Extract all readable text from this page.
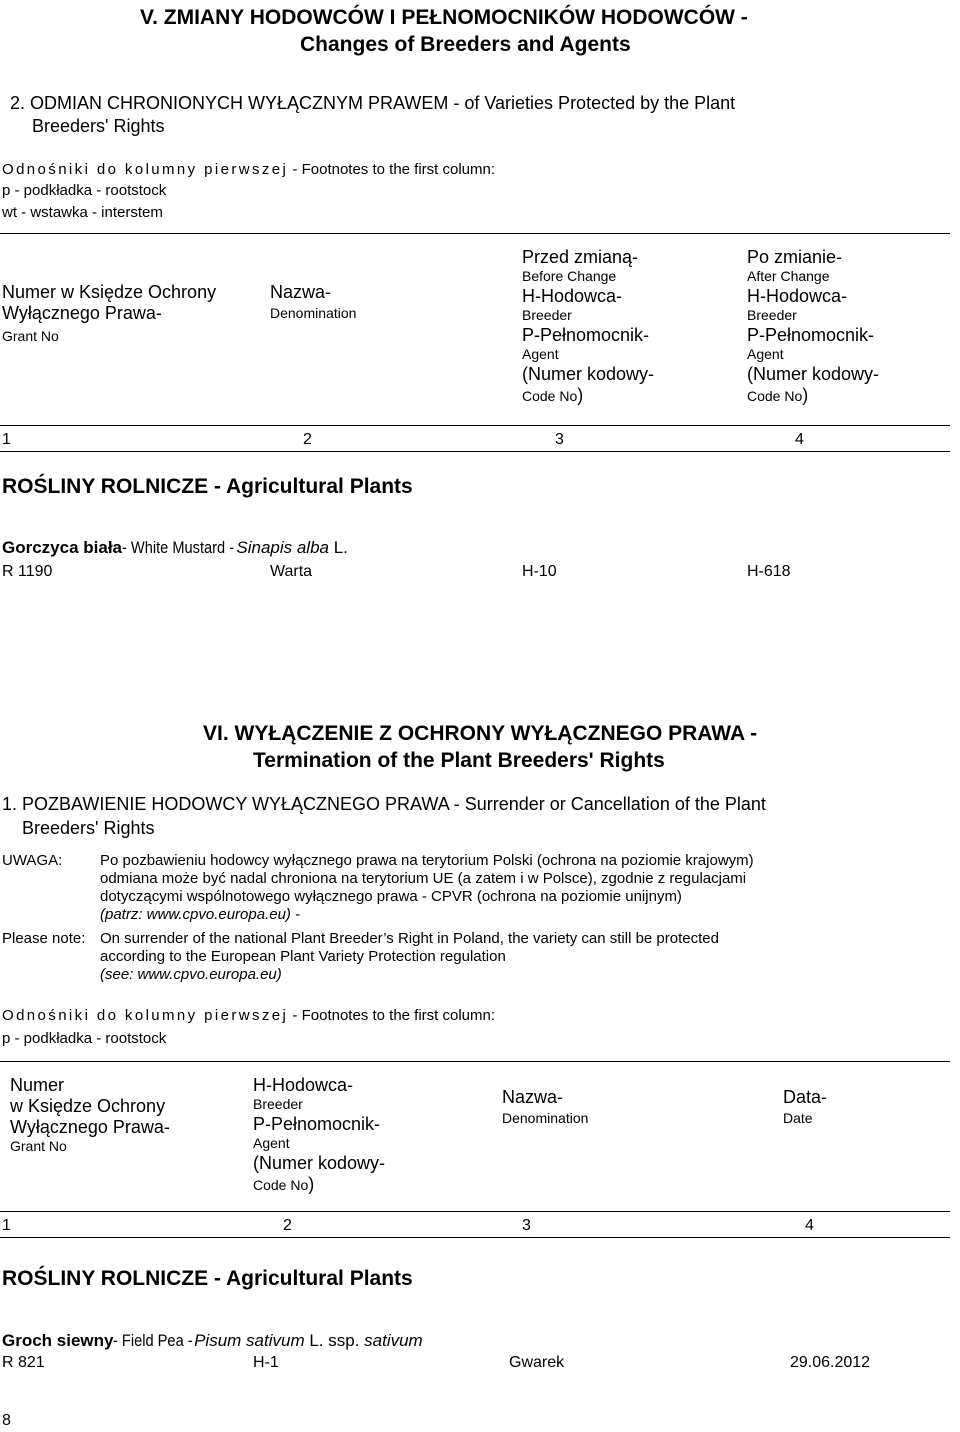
V. ZMIANY HODOWCÓW I PEŁNOMOCNIKÓW HODOWCÓW -
Changes of Breeders and Agents
2. ODMIAN CHRONIONYCH WYŁĄCZNYM PRAWEM - of Varieties Protected by the Plant
Breeders' Rights
Odnośniki do kolumny pierwszej - Footnotes to the first column:
p - podkładka - rootstock
wt - wstawka - interstem
Numer w Księdze Ochrony
Wyłącznego Prawa-
Grant No
Nazwa-
Denomination
Przed zmianą-
Before Change
H-Hodowca-
Breeder
P-Pełnomocnik-
Agent
(Numer kodowy-
Code No)
Po zmianie-
After Change
H-Hodowca-
Breeder
P-Pełnomocnik-
Agent
(Numer kodowy-
Code No)
1	2	3	4
ROŚLINY ROLNICZE - Agricultural Plants
Gorczyca biała- White Mustard -Sinapis alba L.
R 1190	Warta	H-10	H-618
VI. WYŁĄCZENIE Z OCHRONY WYŁĄCZNEGO PRAWA -
Termination of the Plant Breeders' Rights
1. POZBAWIENIE HODOWCY WYŁĄCZNEGO PRAWA - Surrender or Cancellation of the Plant
Breeders' Rights
UWAGA:	Po pozbawieniu hodowcy wyłącznego prawa na terytorium Polski (ochrona na poziomie krajowym)
odmiana może być nadal chroniona na terytorium UE (a zatem i w Polsce), zgodnie z regulacjami
dotyczącymi wspólnotowego wyłącznego prawa - CPVR (ochrona na poziomie unijnym)
(patrz: www.cpvo.europa.eu) -
Please note: On surrender of the national Plant Breeder’s Right in Poland, the variety can still be protected
according to the European Plant Variety Protection regulation
(see: www.cpvo.europa.eu)
Odnośniki do kolumny pierwszej - Footnotes to the first column:
p - podkładka - rootstock
Numer
w Księdze Ochrony
Wyłącznego Prawa-
Grant No
H-Hodowca-
Breeder
P-Pełnomocnik-
Agent
(Numer kodowy-
Code No)
Nazwa-
Denomination
Data-
Date
1	2	3	4
ROŚLINY ROLNICZE - Agricultural Plants
Groch siewny- Field Pea -Pisum sativum L. ssp. sativum
R 821	H-1	Gwarek	29.06.2012
8
